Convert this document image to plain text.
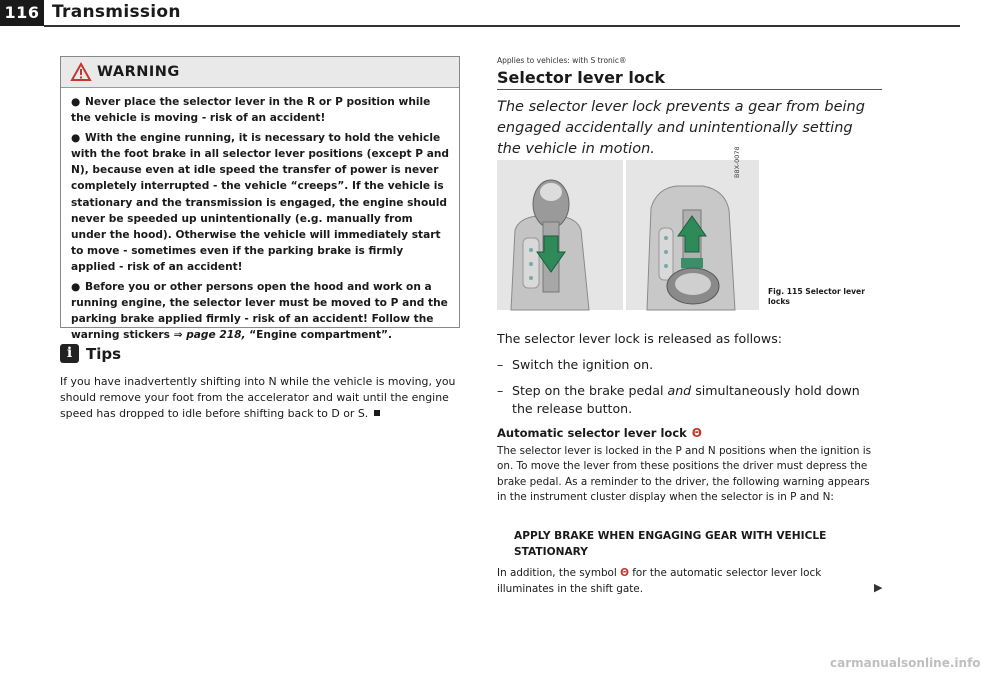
116 Transmission
WARNING

● Never place the selector lever in the R or P position while the vehicle is moving - risk of an accident!

● With the engine running, it is necessary to hold the vehicle with the foot brake in all selector lever positions (except P and N), because even at idle speed the transfer of power is never completely interrupted - the vehicle “creeps”. If the vehicle is stationary and the transmission is engaged, the engine should never be speeded up unintentionally (e.g. manually from under the hood). Otherwise the vehicle will immediately start to move - sometimes even if the parking brake is firmly applied - risk of an accident!

● Before you or other persons open the hood and work on a running engine, the selector lever must be moved to P and the parking brake applied firmly - risk of an accident! Follow the warning stickers ⇒ page 218, “Engine compartment”.

i Tips
If you have inadvertently shifting into N while the vehicle is moving, you should remove your foot from the accelerator and wait until the engine speed has dropped to idle before shifting back to D or S.
Applies to vehicles: with S tronic®
Selector lever lock
The selector lever lock prevents a gear from being engaged accidentally and unintentionally setting the vehicle in motion.	B8X-0078
Fig. 115 Selector lever locks
The selector lever lock is released as follows:
– Switch the ignition on.
– Step on the brake pedal and simultaneously hold down the release button.
Automatic selector lever lock Θ
The selector lever is locked in the P and N positions when the ignition is on. To move the lever from these positions the driver must depress the brake pedal. As a reminder to the driver, the following warning appears in the instrument cluster display when the selector is in P and N:
APPLY BRAKE WHEN ENGAGING GEAR WITH VEHICLE STATIONARY
In addition, the symbol Θ for the automatic selector lever lock illuminates in the shift gate.	▶
carmanualsonline.info
